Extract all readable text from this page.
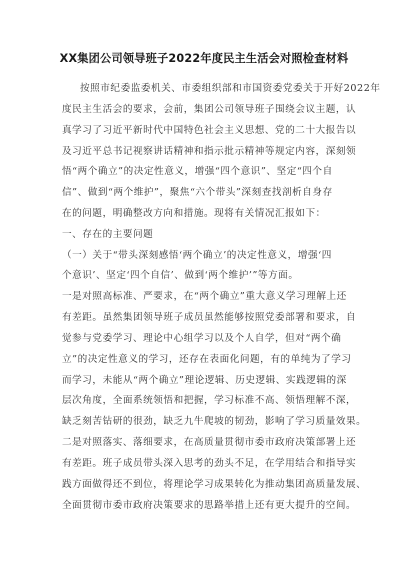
XX集团公司领导班子2022年度民主生活会对照检查材料
按照市纪委监委机关、市委组织部和市国资委党委关于开好2022年
度民主生活会的要求，会前，集团公司领导班子围绕会议主题，认
真学习了习近平新时代中国特色社会主义思想、党的二十大报告以
及习近平总书记视察讲话精神和指示批示精神等规定内容，深刻领
悟“两个确立”的决定性意义，增强“四个意识”、坚定“四个自
信”、做到“两个维护”，聚焦“六个带头”深刻查找剖析自身存
在的问题，明确整改方向和措施。现将有关情况汇报如下：
一、存在的主要问题
（一）关于“带头深刻感悟‘两个确立’的决定性意义，增强‘四
个意识’、坚定‘四个自信’、做到‘两个维护’”等方面。
一是对照高标准、严要求，在“两个确立”重大意义学习理解上还
有差距。虽然集团领导班子成员虽然能够按照党委部署和要求，自
觉参与党委学习、理论中心组学习以及个人自学，但对“两个确
立”的决定性意义的学习，还存在表面化问题，有的单纯为了学习
而学习，未能从“两个确立”理论逻辑、历史逻辑、实践逻辑的深
层次角度，全面系统领悟和把握，学习标准不高、领悟理解不深，
缺乏刻苦钻研的很劲，缺乏九牛爬坡的韧劲，影响了学习质量效果。
二是对照落实、落细要求，在高质量贯彻市委市政府决策部署上还
有差距。班子成员带头深入思考的劲头不足，在学用结合和指导实
践方面做得还不到位，将理论学习成果转化为推动集团高质量发展、
全面贯彻市委市政府决策要求的思路举措上还有更大提升的空间。
